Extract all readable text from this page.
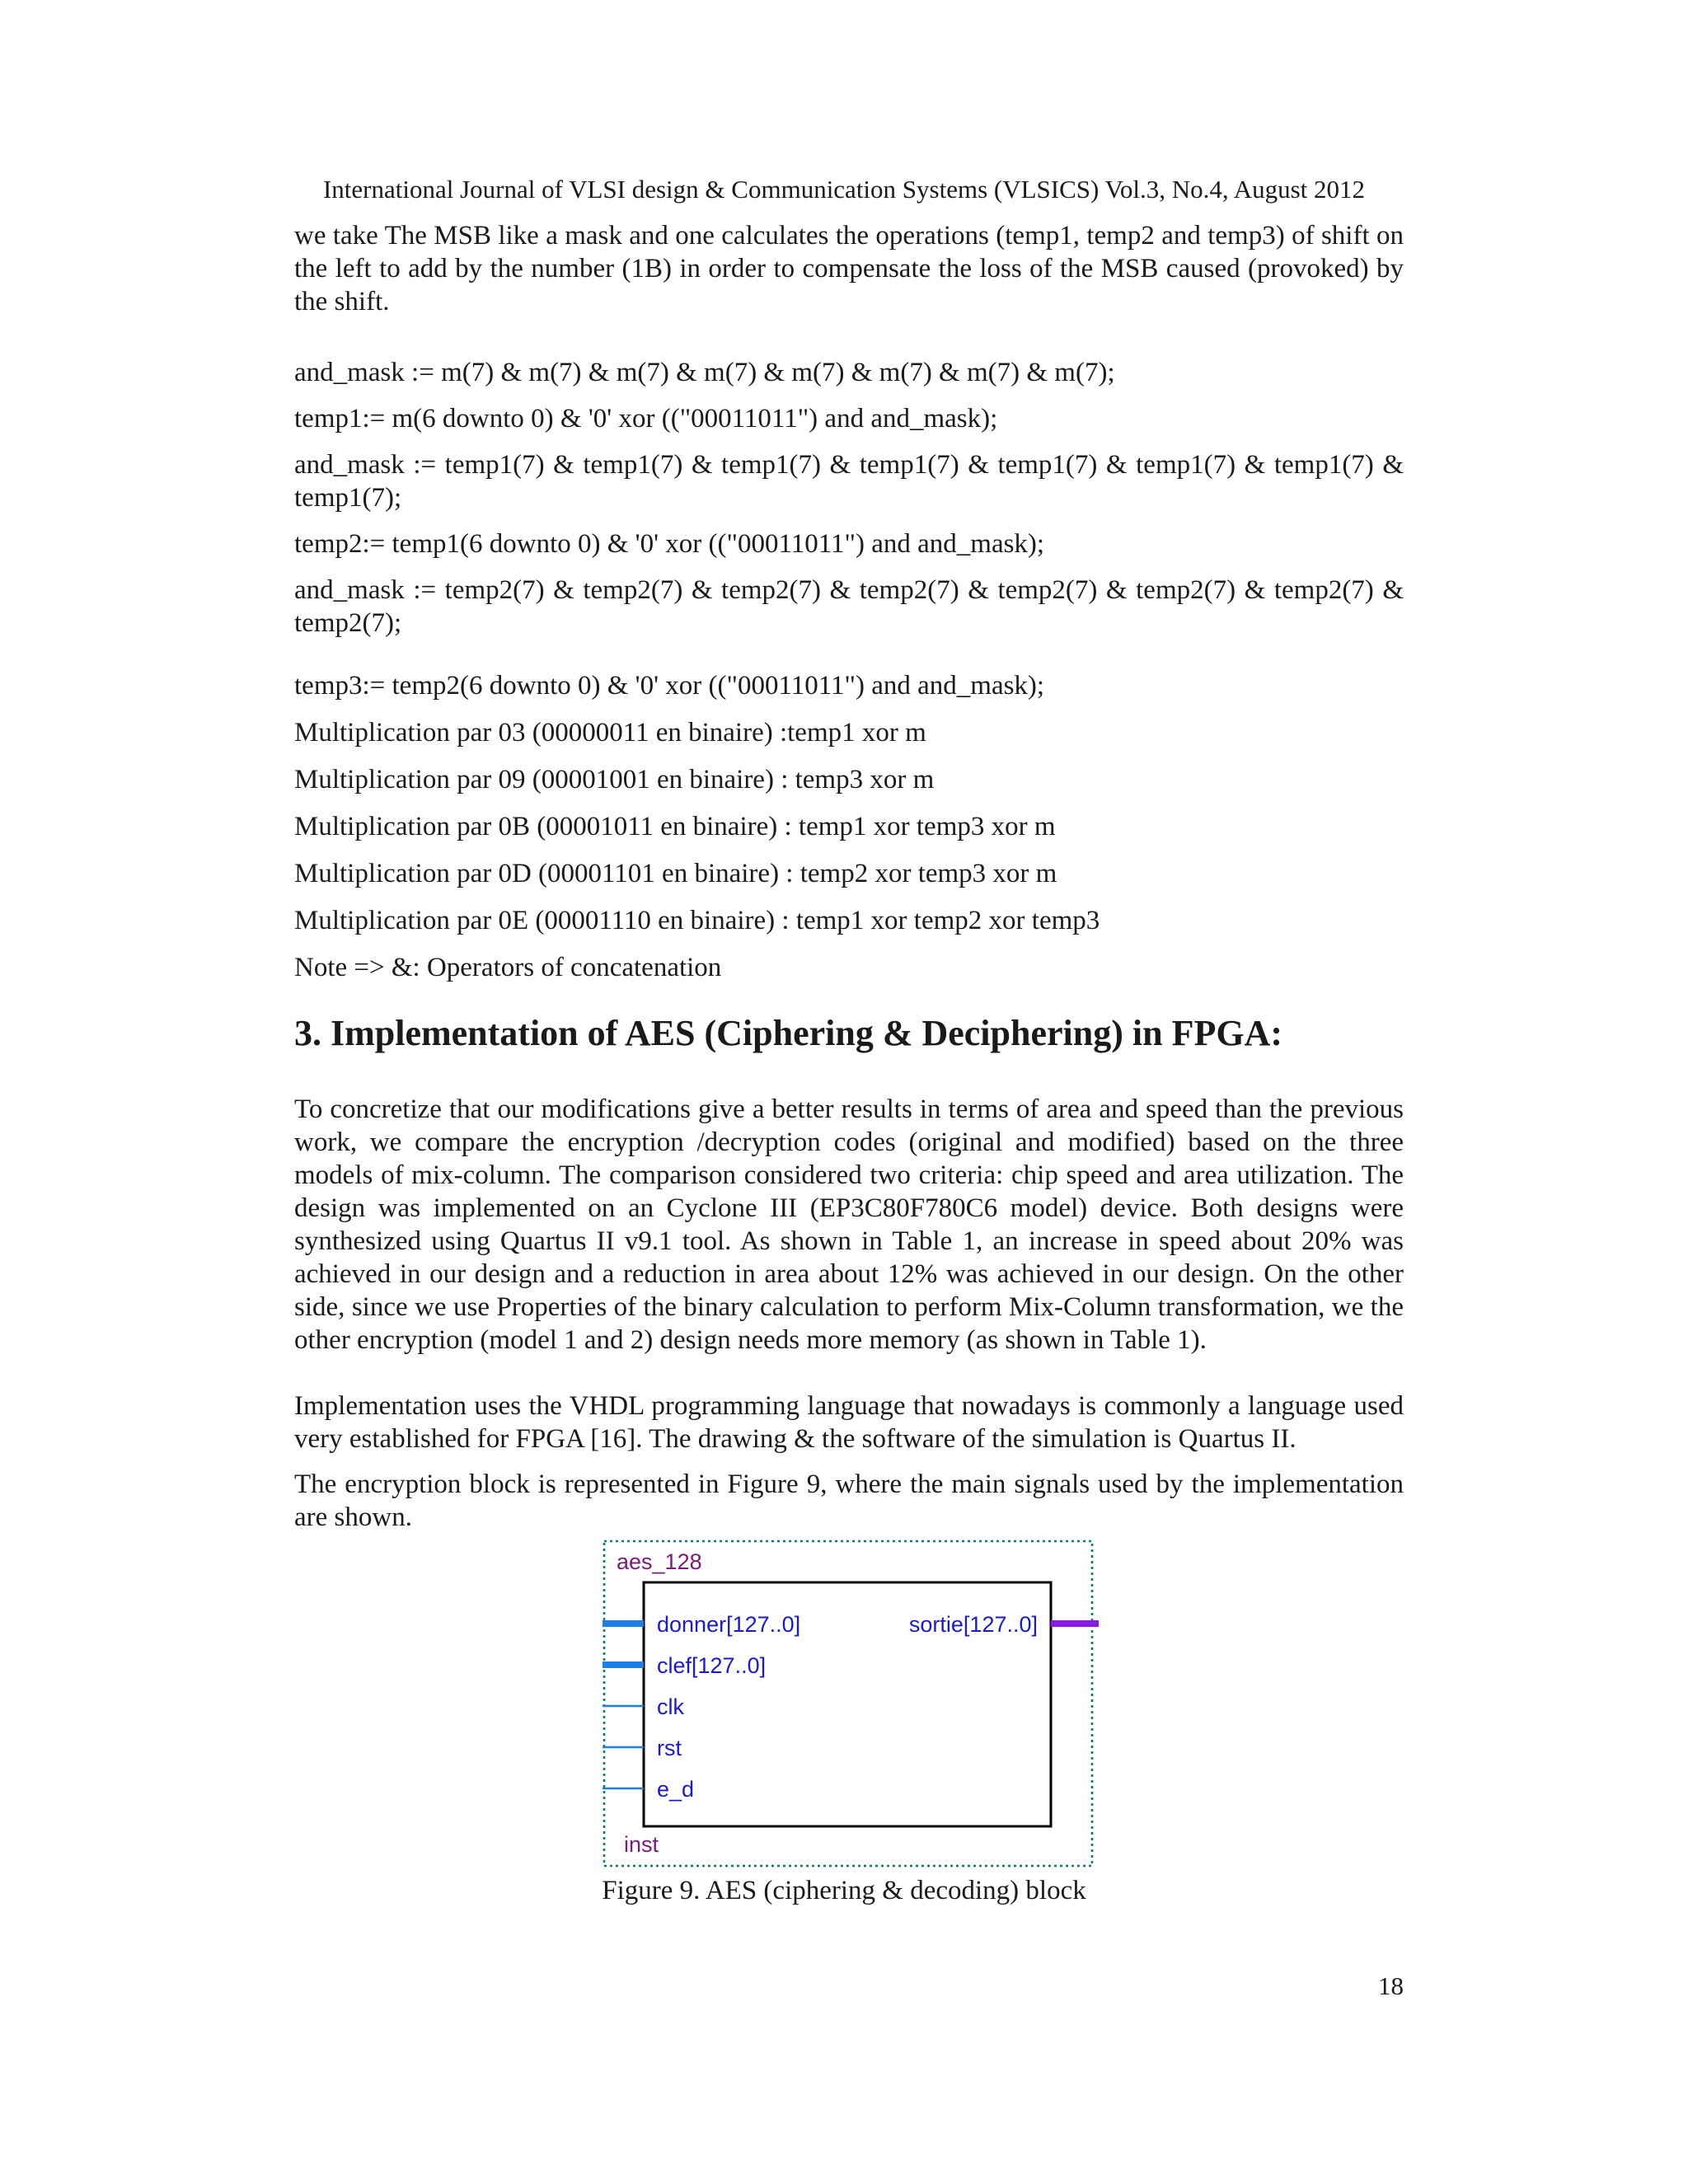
International Journal of VLSI design & Communication Systems (VLSICS) Vol.3, No.4, August 2012

we take The MSB like a mask and one calculates the operations (temp1, temp2 and temp3) of shift on the left to add by the number (1B) in order to compensate the loss of the MSB caused (provoked) by the shift.

and_mask := m(7) & m(7) & m(7) & m(7) & m(7) & m(7) & m(7) & m(7);

temp1:= m(6 downto 0) & '0' xor (("00011011") and and_mask);

and_mask := temp1(7) & temp1(7) & temp1(7) & temp1(7) & temp1(7) & temp1(7) & temp1(7) & temp1(7);

temp2:= temp1(6 downto 0) & '0' xor (("00011011") and and_mask);

and_mask := temp2(7) & temp2(7) & temp2(7) & temp2(7) & temp2(7) & temp2(7) & temp2(7) & temp2(7);

temp3:= temp2(6 downto 0) & '0' xor (("00011011") and and_mask);

Multiplication par 03 (00000011 en binaire) :temp1 xor m

Multiplication par 09 (00001001 en binaire) : temp3 xor m

Multiplication par 0B (00001011 en binaire) : temp1 xor temp3 xor m

Multiplication par 0D (00001101 en binaire) : temp2 xor temp3 xor m

Multiplication par 0E (00001110 en binaire) : temp1 xor temp2 xor temp3

Note => &: Operators of concatenation

3. Implementation of AES (Ciphering & Deciphering) in FPGA:

To concretize that our modifications give a better results in terms of area and speed than the previous work, we compare the encryption /decryption codes (original and modified) based on the three models of mix-column. The comparison considered two criteria: chip speed and area utilization. The design was implemented on an Cyclone III (EP3C80F780C6 model) device. Both designs were synthesized using Quartus II v9.1 tool. As shown in Table 1, an increase in speed about 20% was achieved in our design and a reduction in area about 12% was achieved in our design. On the other side, since we use Properties of the binary calculation to perform Mix-Column transformation, we the other encryption (model 1 and 2) design needs more memory (as shown in Table 1).

Implementation uses the VHDL programming language that nowadays is commonly a language used very established for FPGA [16]. The drawing & the software of the simulation is Quartus II.

The encryption block is represented in Figure 9, where the main signals used by the implementation are shown.

aes_128
donner[127..0]
clef[127..0]
clk
rst
e_d
sortie[127..0]
inst
Figure 9. AES (ciphering & decoding) block
18
